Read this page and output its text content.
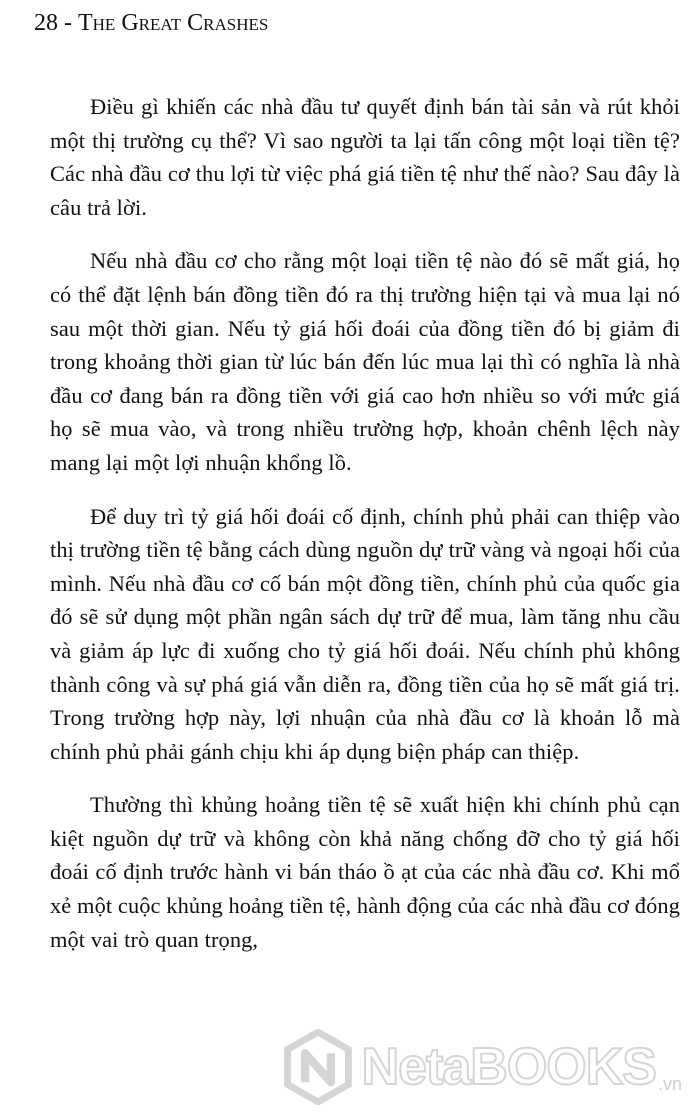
28 - The Great Crashes

Điều gì khiến các nhà đầu tư quyết định bán tài sản và rút khỏi một thị trường cụ thể? Vì sao người ta lại tấn công một loại tiền tệ? Các nhà đầu cơ thu lợi từ việc phá giá tiền tệ như thế nào? Sau đây là câu trả lời.

Nếu nhà đầu cơ cho rằng một loại tiền tệ nào đó sẽ mất giá, họ có thể đặt lệnh bán đồng tiền đó ra thị trường hiện tại và mua lại nó sau một thời gian. Nếu tỷ giá hối đoái của đồng tiền đó bị giảm đi trong khoảng thời gian từ lúc bán đến lúc mua lại thì có nghĩa là nhà đầu cơ đang bán ra đồng tiền với giá cao hơn nhiều so với mức giá họ sẽ mua vào, và trong nhiều trường hợp, khoản chênh lệch này mang lại một lợi nhuận khổng lồ.

Để duy trì tỷ giá hối đoái cố định, chính phủ phải can thiệp vào thị trường tiền tệ bằng cách dùng nguồn dự trữ vàng và ngoại hối của mình. Nếu nhà đầu cơ cố bán một đồng tiền, chính phủ của quốc gia đó sẽ sử dụng một phần ngân sách dự trữ để mua, làm tăng nhu cầu và giảm áp lực đi xuống cho tỷ giá hối đoái. Nếu chính phủ không thành công và sự phá giá vẫn diễn ra, đồng tiền của họ sẽ mất giá trị. Trong trường hợp này, lợi nhuận của nhà đầu cơ là khoản lỗ mà chính phủ phải gánh chịu khi áp dụng biện pháp can thiệp.

Thường thì khủng hoảng tiền tệ sẽ xuất hiện khi chính phủ cạn kiệt nguồn dự trữ và không còn khả năng chống đỡ cho tỷ giá hối đoái cố định trước hành vi bán tháo ồ ạt của các nhà đầu cơ. Khi mổ xẻ một cuộc khủng hoảng tiền tệ, hành động của các nhà đầu cơ đóng một vai trò quan trọng,

NetaBOOKS .vn
